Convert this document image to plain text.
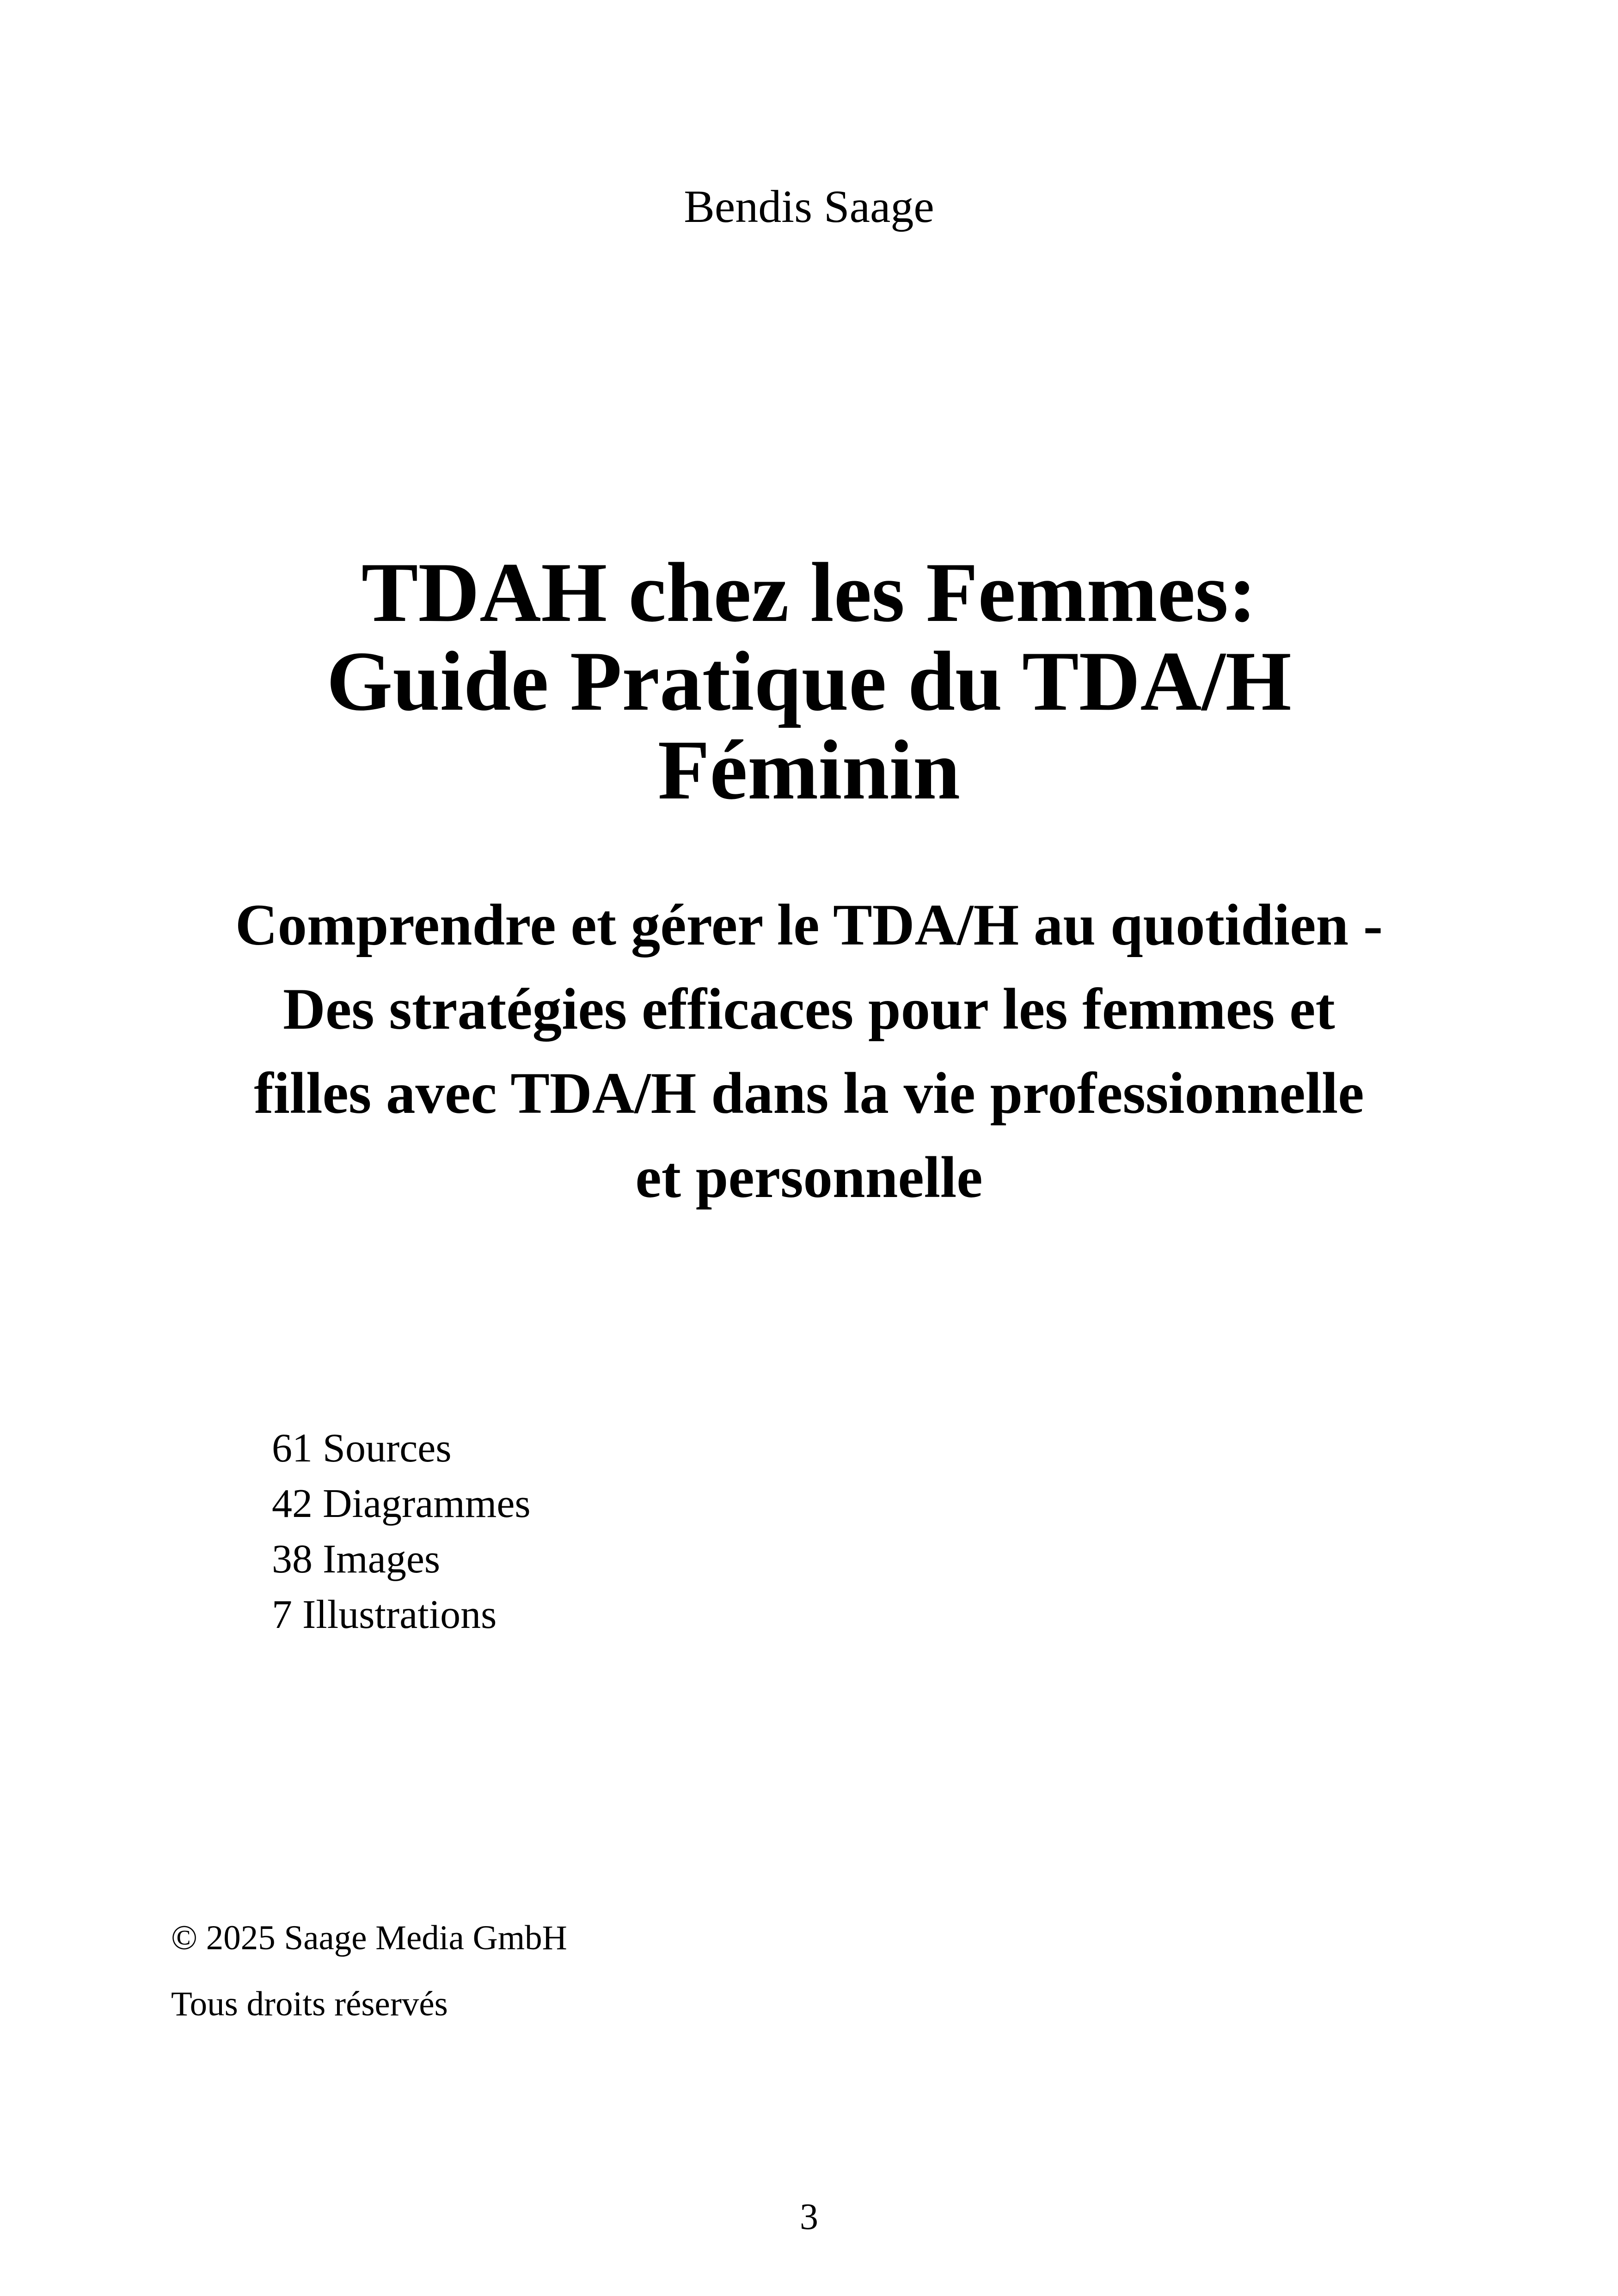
Bendis Saage

TDAH chez les Femmes:
Guide Pratique du TDA/H
Féminin
Comprendre et gérer le TDA/H au quotidien -
Des stratégies efficaces pour les femmes et
filles avec TDA/H dans la vie professionnelle
et personnelle
61 Sources
42 Diagrammes
38 Images
7 Illustrations

© 2025 Saage Media GmbH

Tous droits réservés

3
